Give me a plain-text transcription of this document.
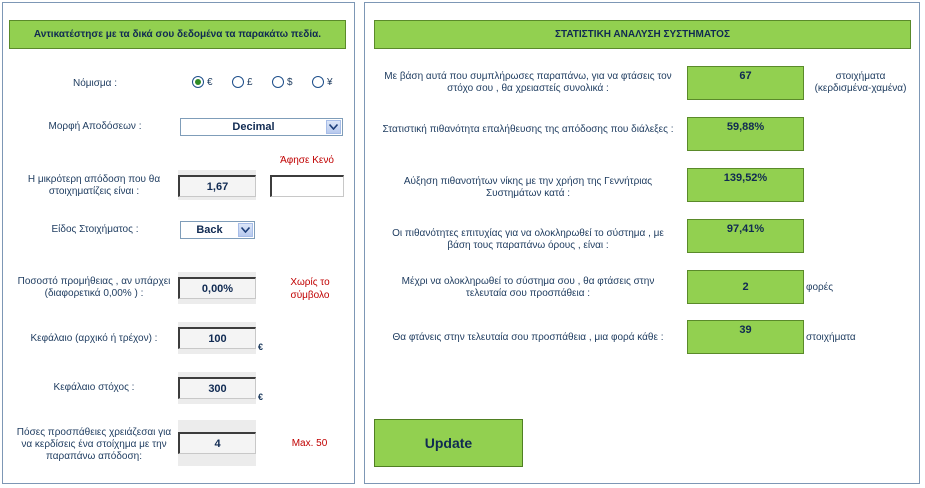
Αντικατέστησε με τα δικά σου δεδομένα τα παρακάτω πεδία.
Νόμισμα :	€	£	$	¥
Μορφή Αποδόσεων :	Decimal
Άφησε Κενό
Η μικρότερη απόδοση που θα στοιχηματίζεις είναι :	1,67
Είδος Στοιχήματος :	Back
Ποσοστό προμήθειας , αν υπάρχει (διαφορετικά 0,00% ) :	0,00%	Χωρίς το σύμβολο
Κεφάλαιο (αρχικό ή τρέχον) :	100
€
Κεφάλαιο στόχος :	300
€
Πόσες προσπάθειες χρειάζεσαι για να κερδίσεις ένα στοίχημα με την παραπάνω απόδοση:
4	Max. 50
ΣΤΑΤΙΣΤΙΚΗ ΑΝΑΛΥΣΗ ΣΥΣΤΗΜΑΤΟΣ
Με βάση αυτά που συμπλήρωσες παραπάνω, για να φτάσεις τον στόχο σου , θα χρειαστείς συνολικά :
67	στοιχήματα (κερδισμένα-χαμένα)
Στατιστική πιθανότητα επαλήθευσης της απόδοσης που διάλεξες :	59,88%
Αύξηση πιθανοτήτων νίκης με την χρήση της Γεννήτριας Συστημάτων κατά :
139,52%
Οι πιθανότητες επιτυχίας για να ολοκληρωθεί το σύστημα , με βάση τους παραπάνω όρους , είναι :
97,41%
Μέχρι να ολοκληρωθεί το σύστημα σου , θα φτάσεις στην τελευταία σου προσπάθεια :
2	φορές
Θα φτάνεις στην τελευταία σου προσπάθεια , μια φορά κάθε :
39
στοιχήματα
Update
